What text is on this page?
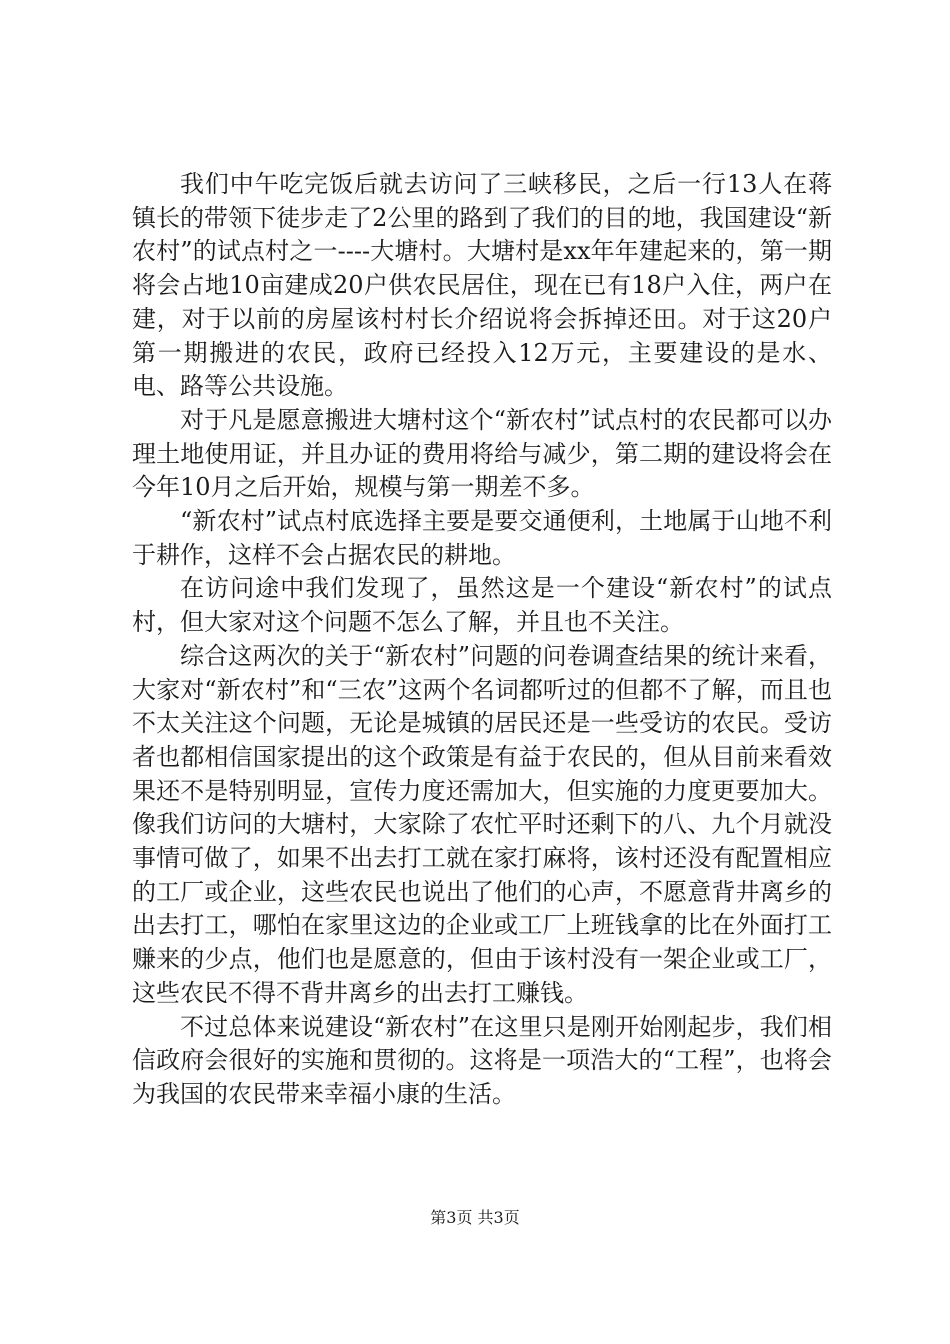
我们中午吃完饭后就去访问了三峡移民，之后一行13人在蒋镇长的带领下徒步走了2公里的路到了我们的目的地，我国建设“新农村”的试点村之一----大塘村。大塘村是xx年年建起来的，第一期将会占地10亩建成20户供农民居住，现在已有18户入住，两户在建，对于以前的房屋该村村长介绍说将会拆掉还田。对于这20户第一期搬进的农民，政府已经投入12万元，主要建设的是水、电、路等公共设施。

对于凡是愿意搬进大塘村这个“新农村”试点村的农民都可以办理土地使用证，并且办证的费用将给与减少，第二期的建设将会在今年10月之后开始，规模与第一期差不多。

“新农村”试点村底选择主要是要交通便利，土地属于山地不利于耕作，这样不会占据农民的耕地。

在访问途中我们发现了，虽然这是一个建设“新农村”的试点村，但大家对这个问题不怎么了解，并且也不关注。

综合这两次的关于“新农村”问题的问卷调查结果的统计来看，大家对“新农村”和“三农”这两个名词都听过的但都不了解，而且也不太关注这个问题，无论是城镇的居民还是一些受访的农民。受访者也都相信国家提出的这个政策是有益于农民的，但从目前来看效果还不是特别明显，宣传力度还需加大，但实施的力度更要加大。像我们访问的大塘村，大家除了农忙平时还剩下的八、九个月就没事情可做了，如果不出去打工就在家打麻将，该村还没有配置相应的工厂或企业，这些农民也说出了他们的心声，不愿意背井离乡的出去打工，哪怕在家里这边的企业或工厂上班钱拿的比在外面打工赚来的少点，他们也是愿意的，但由于该村没有一架企业或工厂，这些农民不得不背井离乡的出去打工赚钱。

不过总体来说建设“新农村”在这里只是刚开始刚起步，我们相信政府会很好的实施和贯彻的。这将是一项浩大的“工程”，也将会为我国的农民带来幸福小康的生活。

第3页 共3页
